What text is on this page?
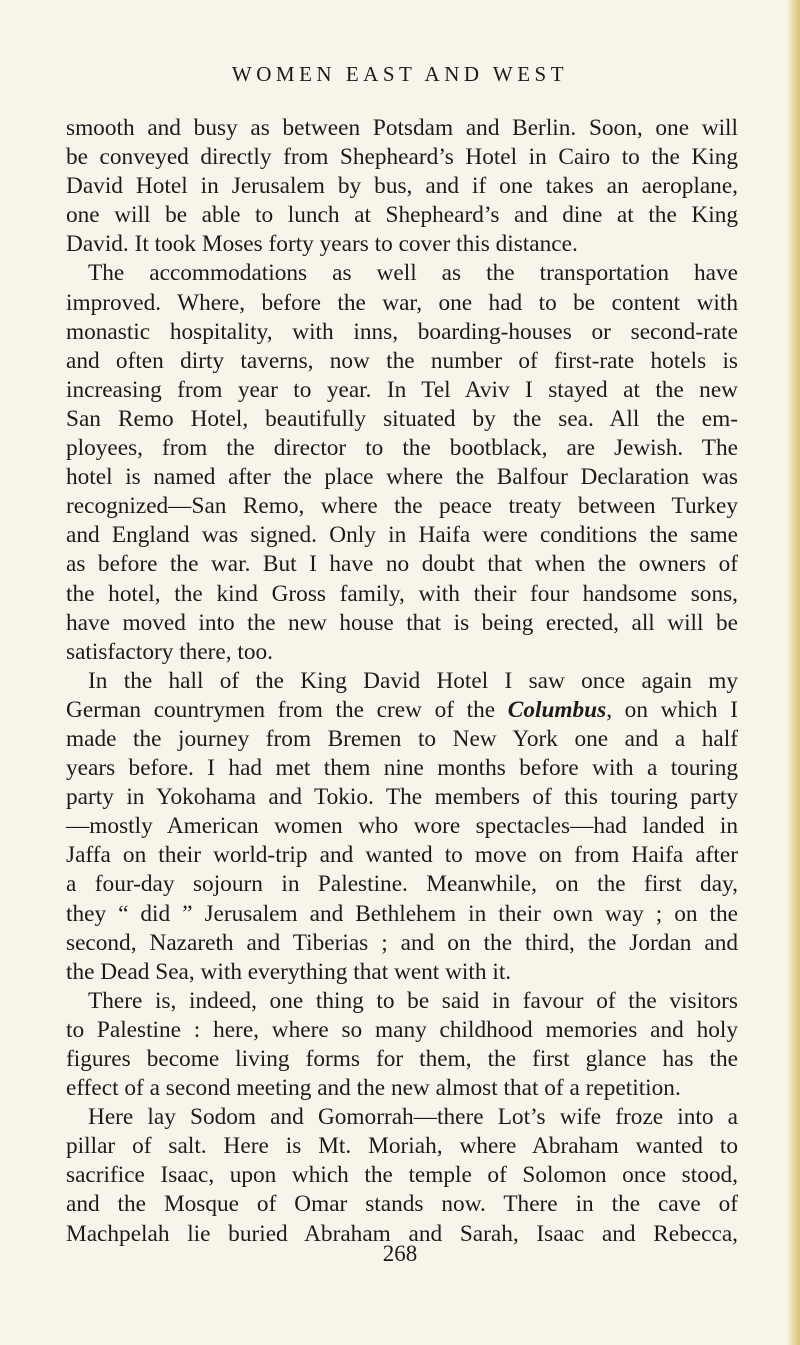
WOMEN EAST AND WEST

smooth and busy as between Potsdam and Berlin. Soon, one will
be conveyed directly from Shepheard’s Hotel in Cairo to the King
David Hotel in Jerusalem by bus, and if one takes an aeroplane,
one will be able to lunch at Shepheard’s and dine at the King
David. It took Moses forty years to cover this distance.
The accommodations as well as the transportation have
improved. Where, before the war, one had to be content with
monastic hospitality, with inns, boarding-houses or second-rate
and often dirty taverns, now the number of first-rate hotels is
increasing from year to year. In Tel Aviv I stayed at the new
San Remo Hotel, beautifully situated by the sea. All the em-
ployees, from the director to the bootblack, are Jewish. The
hotel is named after the place where the Balfour Declaration was
recognized—San Remo, where the peace treaty between Turkey
and England was signed. Only in Haifa were conditions the same
as before the war. But I have no doubt that when the owners of
the hotel, the kind Gross family, with their four handsome sons,
have moved into the new house that is being erected, all will be
satisfactory there, too.
In the hall of the King David Hotel I saw once again my
German countrymen from the crew of the Columbus, on which I
made the journey from Bremen to New York one and a half
years before. I had met them nine months before with a touring
party in Yokohama and Tokio. The members of this touring party
—mostly American women who wore spectacles—had landed in
Jaffa on their world-trip and wanted to move on from Haifa after
a four-day sojourn in Palestine. Meanwhile, on the first day,
they “ did ” Jerusalem and Bethlehem in their own way ; on the
second, Nazareth and Tiberias ; and on the third, the Jordan and
the Dead Sea, with everything that went with it.
There is, indeed, one thing to be said in favour of the visitors
to Palestine : here, where so many childhood memories and holy
figures become living forms for them, the first glance has the
effect of a second meeting and the new almost that of a repetition.
Here lay Sodom and Gomorrah—there Lot’s wife froze into a
pillar of salt. Here is Mt. Moriah, where Abraham wanted to
sacrifice Isaac, upon which the temple of Solomon once stood,
and the Mosque of Omar stands now. There in the cave of
Machpelah lie buried Abraham and Sarah, Isaac and Rebecca,

268
